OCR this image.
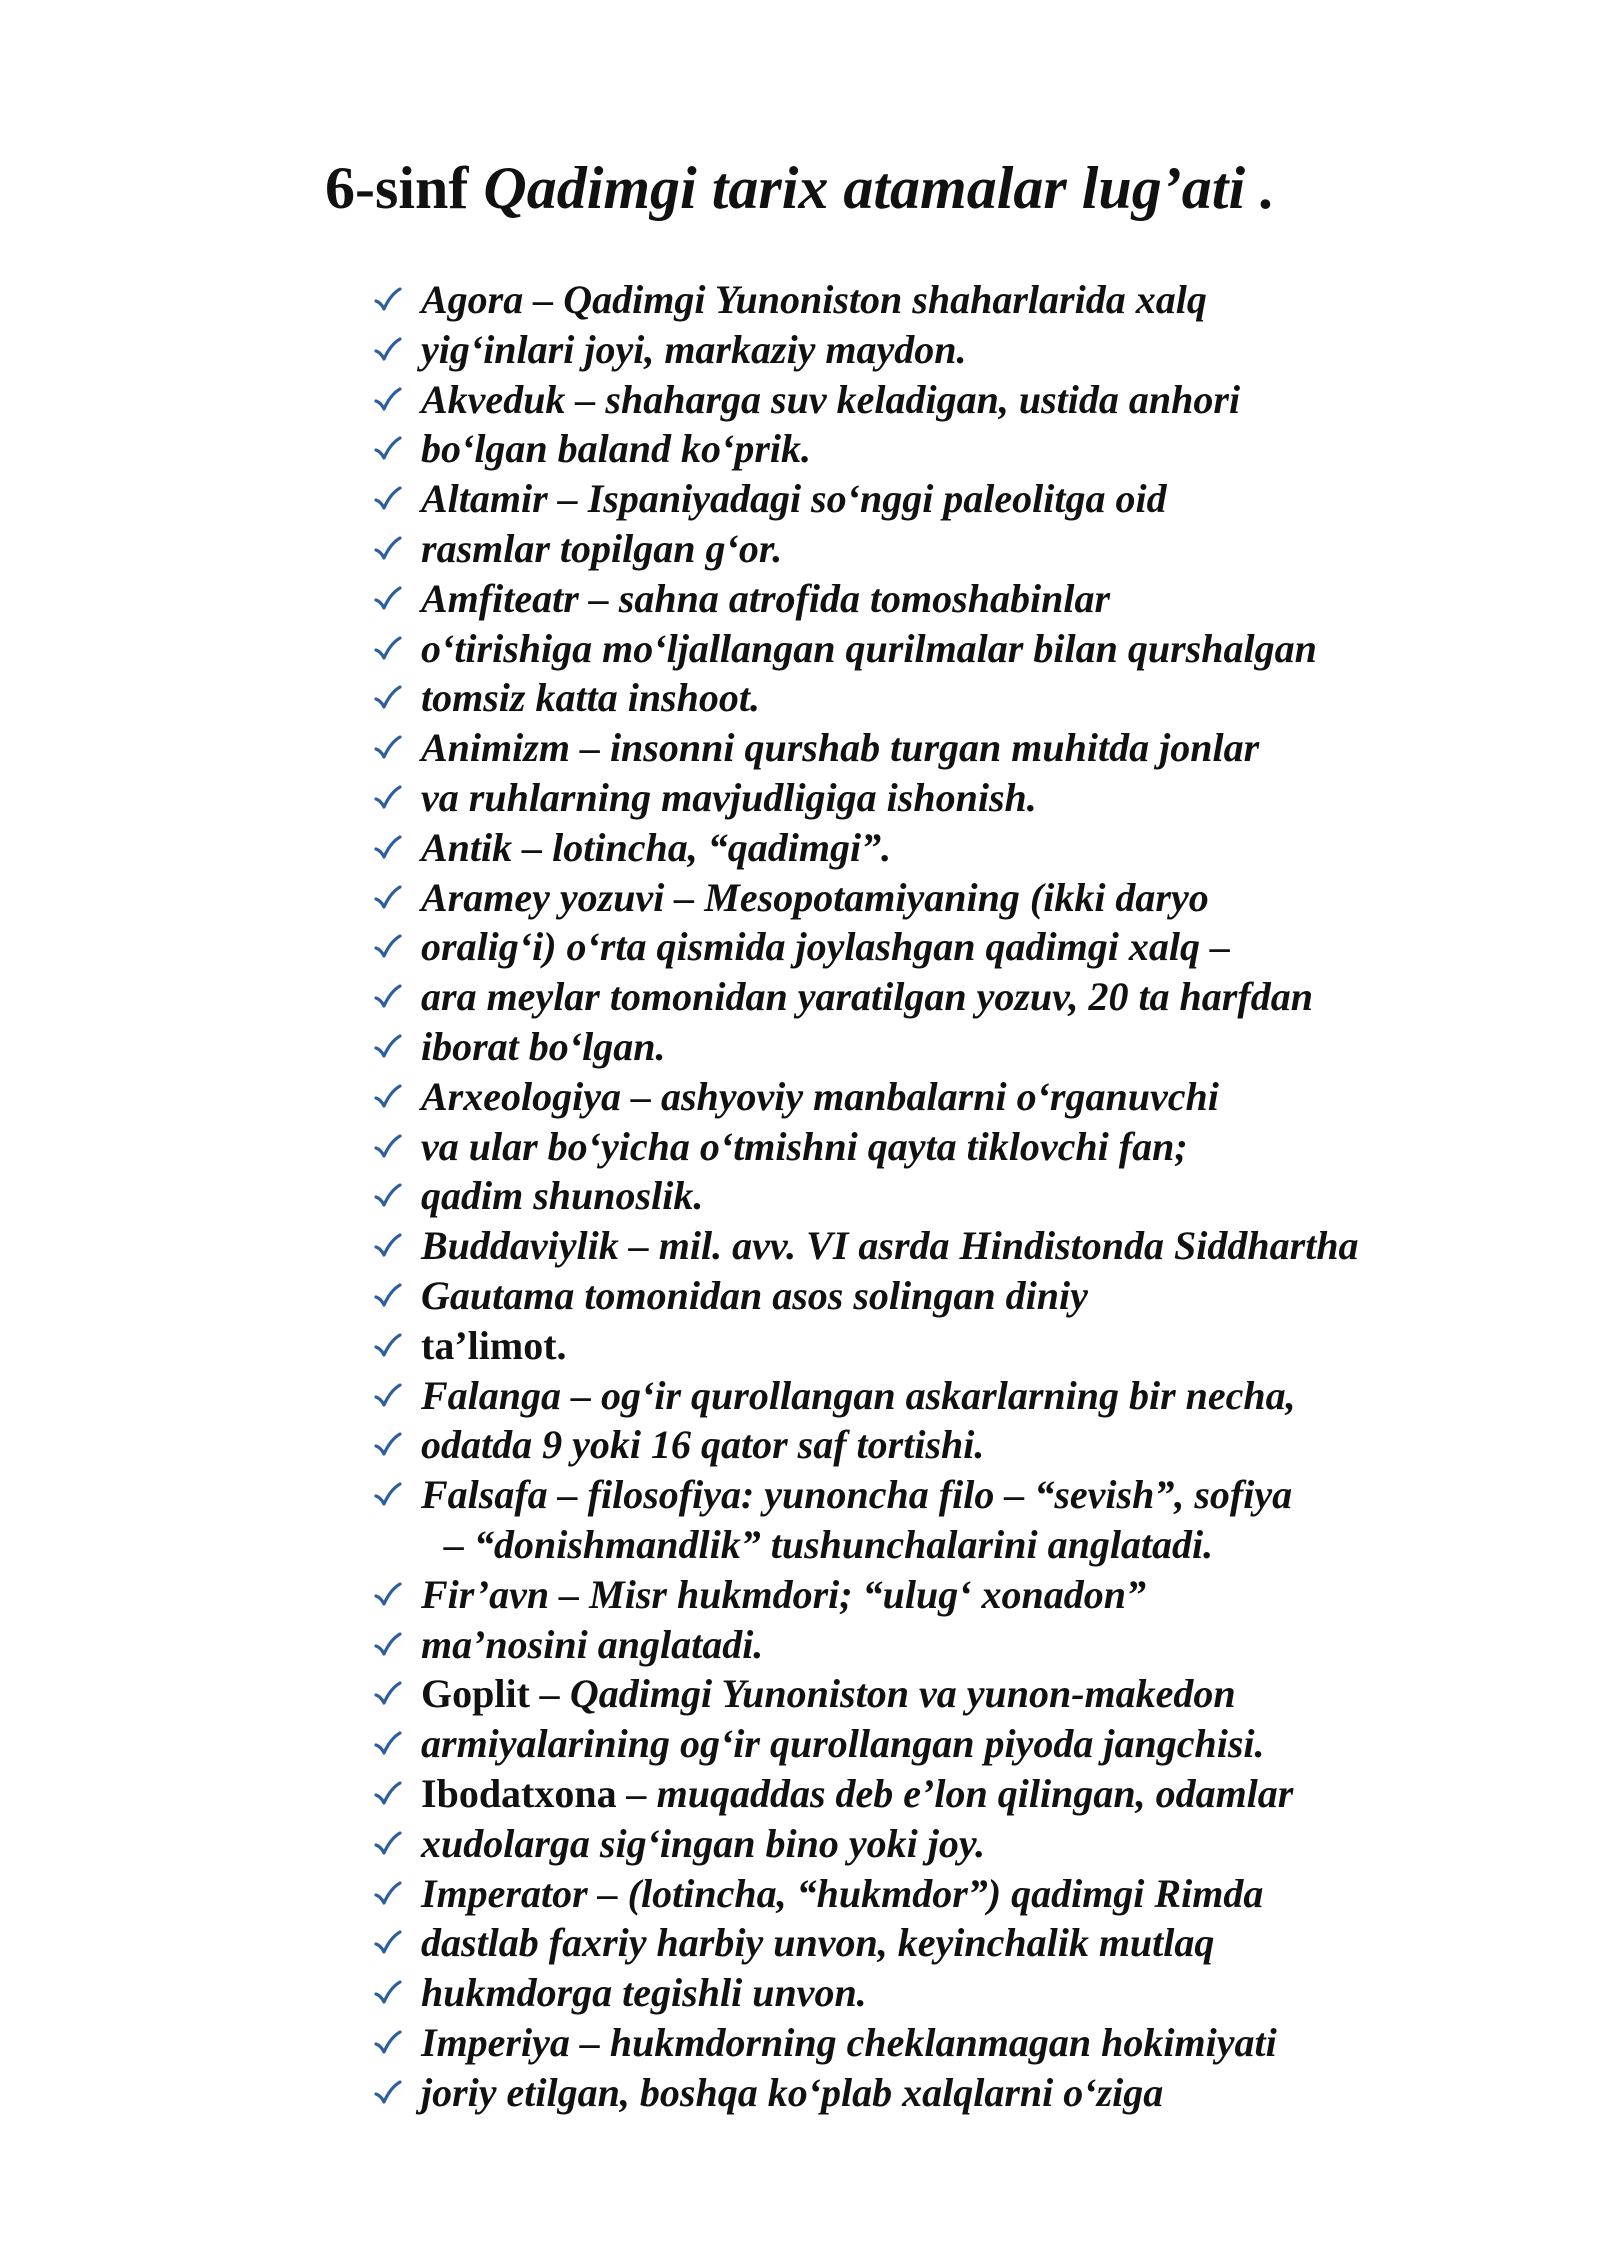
6-sinf Qadimgi tarix atamalar lug’ati .
Agora – Qadimgi Yunoniston shaharlarida xalq
yig‘inlari joyi, markaziy maydon.
Akveduk – shaharga suv keladigan, ustida anhori
bo‘lgan baland ko‘prik.
Altamir – Ispaniyadagi so‘nggi paleolitga oid
rasmlar topilgan g‘or.
Amfiteatr – sahna atrofida tomoshabinlar
o‘tirishiga mo‘ljallangan qurilmalar bilan qurshalgan
tomsiz katta inshoot.
Animizm – insonni qurshab turgan muhitda jonlar
va ruhlarning mavjudligiga ishonish.
Antik – lotincha, “qadimgi”.
Aramey yozuvi – Mesopotamiyaning (ikki daryo
oralig‘i) o‘rta qismida joylashgan qadimgi xalq –
ara meylar tomonidan yaratilgan yozuv, 20 ta harfdan
iborat bo‘lgan.
Arxeologiya – ashyoviy manbalarni o‘rganuvchi
va ular bo‘yicha o‘tmishni qayta tiklovchi fan;
qadim shunoslik.
Buddaviylik – mil. avv. VI asrda Hindistonda Siddhartha
Gautama tomonidan asos solingan diniy
ta’limot.
Falanga – og‘ir qurollangan askarlarning bir necha,
odatda 9 yoki 16 qator saf tortishi.
Falsafa – filosofiya: yunoncha filo – “sevish”, sofiya
– “donishmandlik” tushunchalarini anglatadi.
Fir’avn – Misr hukmdori; “ulug‘ xonadon”
ma’nosini anglatadi.
Goplit – Qadimgi Yunoniston va yunon-makedon
armiyalarining og‘ir qurollangan piyoda jangchisi.
Ibodatxona – muqaddas deb e’lon qilingan, odamlar
xudolarga sig‘ingan bino yoki joy.
Imperator – (lotincha, “hukmdor”) qadimgi Rimda
dastlab faxriy harbiy unvon, keyinchalik mutlaq
hukmdorga tegishli unvon.
Imperiya – hukmdorning cheklanmagan hokimiyati
joriy etilgan, boshqa ko‘plab xalqlarni o‘ziga
